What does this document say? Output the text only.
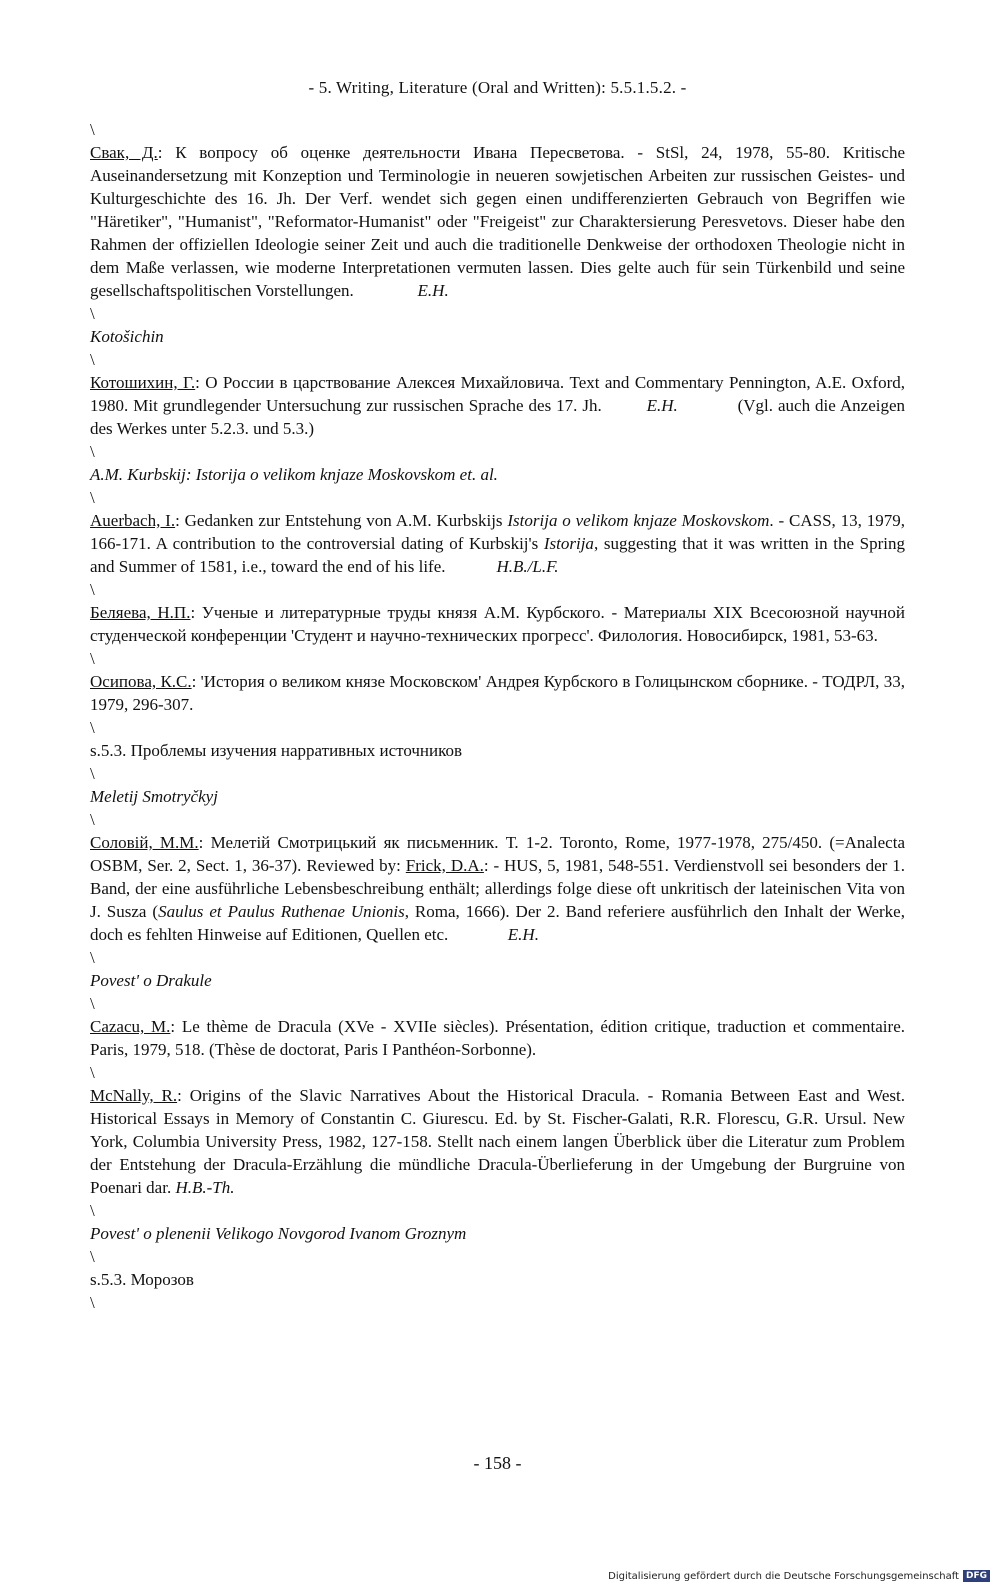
- 5. Writing, Literature (Oral and Written): 5.5.1.5.2. -
\

Свак, Д.: К вопросу об оценке деятельности Ивана Пересветова. - StSl, 24, 1978, 55-80. Kritische Auseinandersetzung mit Konzeption und Terminologie in neueren sowjetischen Arbeiten zur russischen Geistes- und Kulturgeschichte des 16. Jh. Der Verf. wendet sich gegen einen undifferenzierten Gebrauch von Begriffen wie "Häretiker", "Humanist", "Reformator-Humanist" oder "Freigeist" zur Charaktersierung Peresvetovs. Dieser habe den Rahmen der offiziellen Ideologie seiner Zeit und auch die traditionelle Denkweise der orthodoxen Theologie nicht in dem Maße verlassen, wie moderne Interpretationen vermuten lassen. Dies gelte auch für sein Türkenbild und seine gesellschaftspolitischen Vorstellungen.	E.H.

\
Kotošichin
\

Котошихин, Г.: О России в царствование Алексея Михайловича. Text and Commentary Pennington, A.E. Oxford, 1980. Mit grundlegender Untersuchung zur russischen Sprache des 17. Jh.	E.H.	(Vgl. auch die Anzeigen des Werkes unter 5.2.3. und 5.3.)

\
A.M. Kurbskij: Istorija o velikom knjaze Moskovskom et. al.
\

Auerbach, I.: Gedanken zur Entstehung von A.M. Kurbskijs Istorija o velikom knjaze Moskovskom. - CASS, 13, 1979, 166-171. A contribution to the controversial dating of Kurbskij's Istorija, suggesting that it was written in the Spring and Summer of 1581, i.e., toward the end of his life.	H.B./L.F.

\

Беляева, Н.П.: Ученые и литературные труды князя А.М. Курбского. - Материалы XIX Всесоюзной научной студенческой конференции 'Студент и научно-технических прогресс'. Филология. Новосибирск, 1981, 53-63.

\

Осипова, К.С.: 'История о великом князе Московском' Андрея Курбского в Голицынском сборнике. - ТОДРЛ, 33, 1979, 296-307.

\
s.5.3. Проблемы изучения нарративных источников
\
Meletij Smotryčkyj
\

Соловій, М.М.: Мелетій Смотрицький як письменник. Т. 1-2. Toronto, Rome, 1977-1978, 275/450. (=Analecta OSBM, Ser. 2, Sect. 1, 36-37). Reviewed by: Frick, D.A.: - HUS, 5, 1981, 548-551. Verdienstvoll sei besonders der 1. Band, der eine ausführliche Lebensbeschreibung enthält; allerdings folge diese oft unkritisch der lateinischen Vita von J. Susza (Saulus et Paulus Ruthenae Unionis, Roma, 1666). Der 2. Band referiere ausführlich den Inhalt der Werke, doch es fehlten Hinweise auf Editionen, Quellen etc.	E.H.

\
Povest' o Drakule
\

Cazacu, M.: Le thème de Dracula (XVe - XVIIe siècles). Présentation, édition critique, traduction et commentaire. Paris, 1979, 518. (Thèse de doctorat, Paris I Panthéon-Sorbonne).

\

McNally, R.: Origins of the Slavic Narratives About the Historical Dracula. - Romania Between East and West. Historical Essays in Memory of Constantin C. Giurescu. Ed. by St. Fischer-Galati, R.R. Florescu, G.R. Ursul. New York, Columbia University Press, 1982, 127-158. Stellt nach einem langen Überblick über die Literatur zum Problem der Entstehung der Dracula-Erzählung die mündliche Dracula-Überlieferung in der Umgebung der Burgruine von Poenari dar. H.B.-Th.

\
Povest' o plenenii Velikogo Novgorod Ivanom Groznym
\
s.5.3. Морозов
\
- 158 -
Digitalisierung gefördert durch die Deutsche Forschungsgemeinschaft DFG
